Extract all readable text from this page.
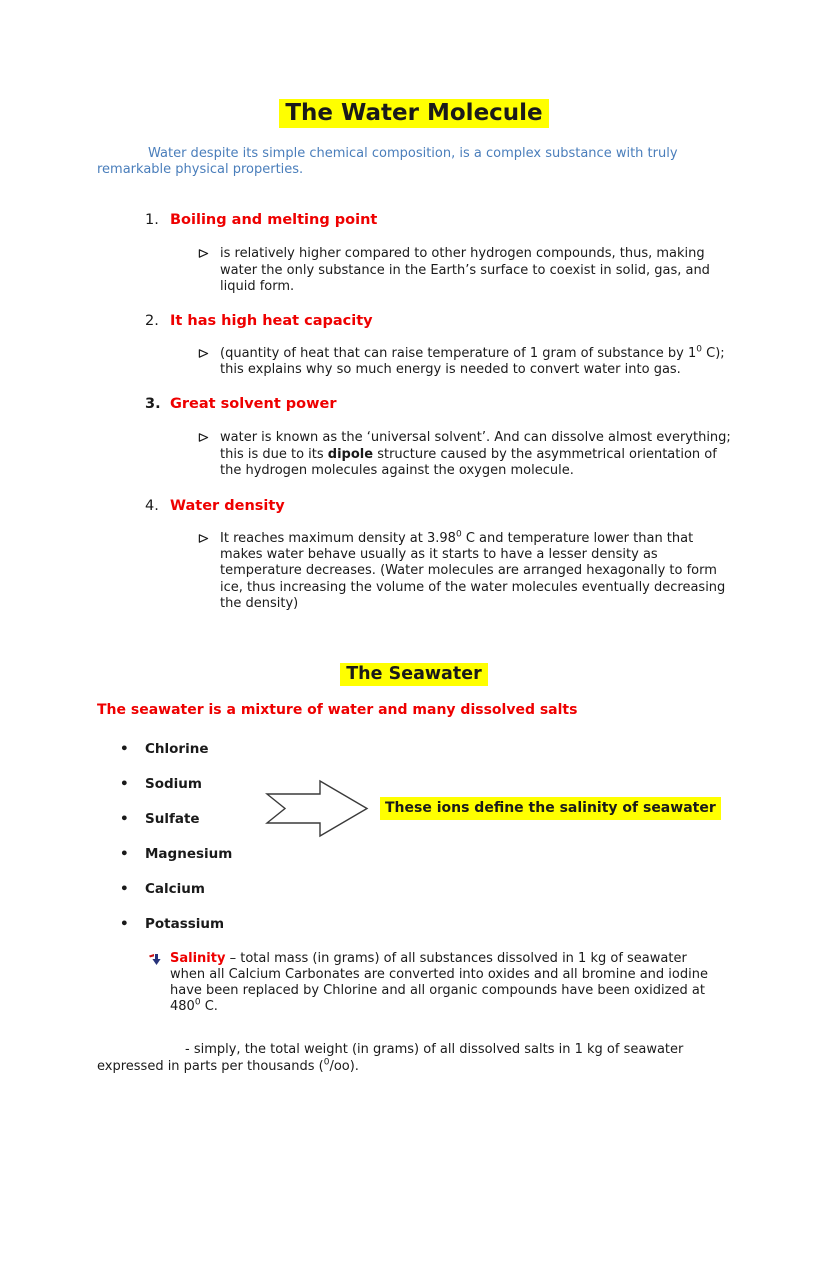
The Water Molecule

Water despite its simple chemical composition, is a complex substance with truly remarkable physical properties.

1. Boiling and melting point
is relatively higher compared to other hydrogen compounds, thus, making water the only substance in the Earth’s surface to coexist in solid, gas, and liquid form.
2. It has high heat capacity
(quantity of heat that can raise temperature of 1 gram of substance by $1^0$ C); this explains why so much energy is needed to convert water into gas.
3. Great solvent power
water is known as the ‘universal solvent’. And can dissolve almost everything; this is due to its dipole structure caused by the asymmetrical orientation of the hydrogen molecules against the oxygen molecule.
4. Water density
It reaches maximum density at 3.98$^0$ C and temperature lower than that makes water behave usually as it starts to have a lesser density as temperature decreases. (Water molecules are arranged hexagonally to form ice, thus increasing the volume of the water molecules eventually decreasing the density)
The Seawater

The seawater is a mixture of water and many dissolved salts

•	Chlorine
•	Sodium
•	Sulfate
•	Magnesium
•	Calcium
•	Potassium
These ions define the salinity of seawater
Salinity – total mass (in grams) of all substances dissolved in 1 kg of seawater when all Calcium Carbonates are converted into oxides and all bromine and iodine have been replaced by Chlorine and all organic compounds have been oxidized at $480^0$ C.

- simply, the total weight (in grams) of all dissolved salts in 1 kg of seawater expressed in parts per thousands ($^0$/oo).
